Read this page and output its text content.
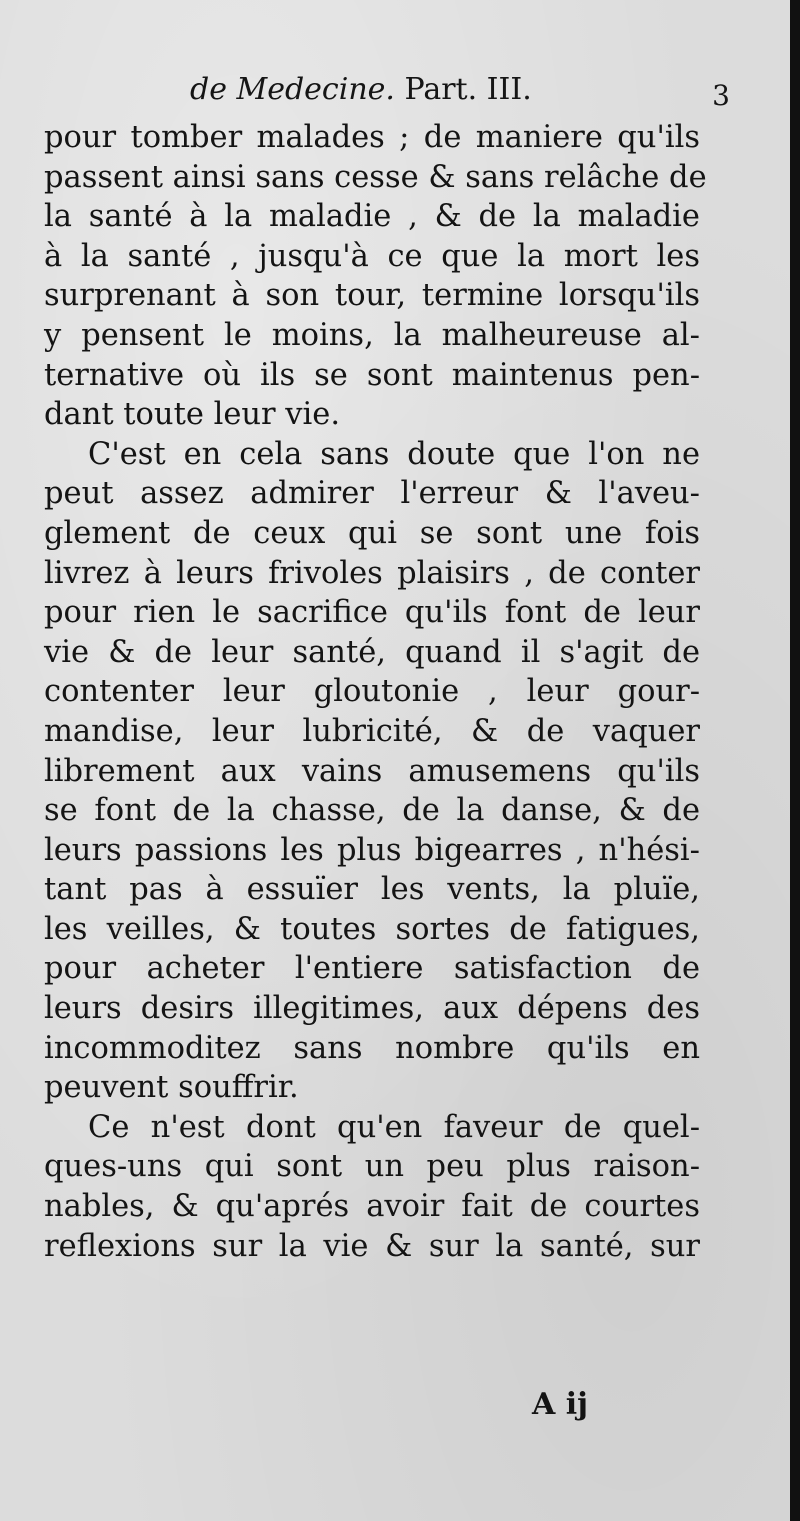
de Medecine. Part. III.	3
pour tomber malades ; de maniere qu'ils
passent ainsi sans cesse & sans relâche de
la santé à la maladie , & de la maladie
à la santé , jusqu'à ce que la mort les
surprenant à son tour, termine lorsqu'ils
y pensent le moins, la malheureuse al-
ternative où ils se sont maintenus pen-
dant toute leur vie.
C'est en cela sans doute que l'on ne
peut assez admirer l'erreur & l'aveu-
glement de ceux qui se sont une fois
livrez à leurs frivoles plaisirs , de conter
pour rien le sacrifice qu'ils font de leur
vie & de leur santé, quand il s'agit de
contenter leur gloutonie , leur gour-
mandise, leur lubricité, & de vaquer
librement aux vains amusemens qu'ils
se font de la chasse, de la danse, & de
leurs passions les plus bigearres , n'hési-
tant pas à essuïer les vents, la pluïe,
les veilles, & toutes sortes de fatigues,
pour acheter l'entiere satisfaction de
leurs desirs illegitimes, aux dépens des
incommoditez sans nombre qu'ils en
peuvent souffrir.
Ce n'est dont qu'en faveur de quel-
ques-uns qui sont un peu plus raison-
nables, & qu'aprés avoir fait de courtes
reflexions sur la vie & sur la santé, sur
A ij
